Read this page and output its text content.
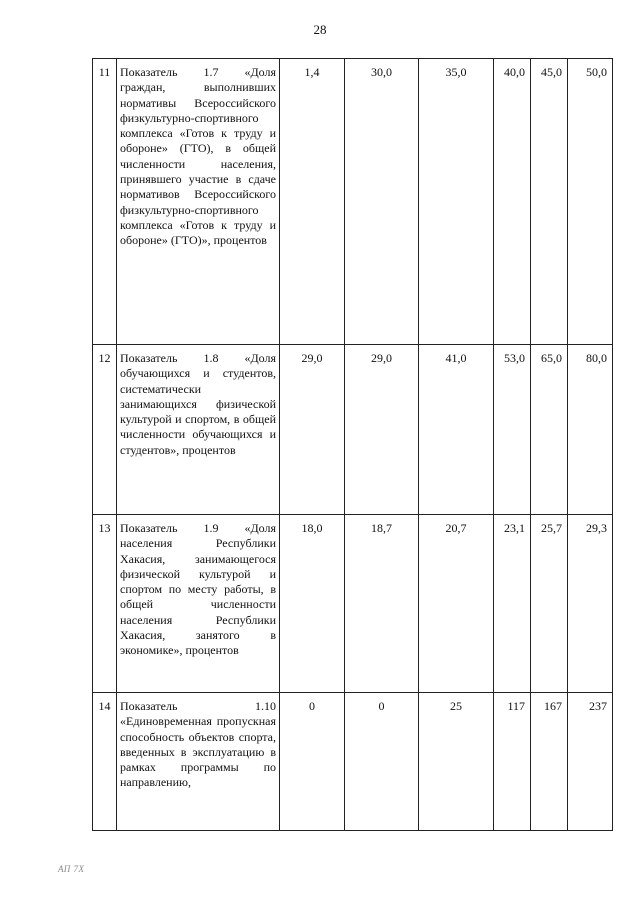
28
11	Показатель 1.7 «Доля граждан, выполнивших нормативы Всероссийского физкультурно-спортивного комплекса «Готов к труду и обороне» (ГТО), в общей численности населения, принявшего участие в сдаче нормативов Всероссийского физкультурно-спортивного комплекса «Готов к труду и обороне» (ГТО)», процентов	1,4	30,0	35,0	40,0	45,0	50,0
12	Показатель 1.8 «Доля обучающихся и студентов, систематически занимающихся физической культурой и спортом, в общей численности обучающихся и студентов», процентов	29,0	29,0	41,0	53,0	65,0	80,0
13	Показатель 1.9 «Доля населения Республики Хакасия, занимающегося физической культурой и спортом по месту работы, в общей численности населения Республики Хакасия, занятого в экономике», процентов	18,0	18,7	20,7	23,1	25,7	29,3
14	Показатель 1.10 «Единовременная пропускная способность объектов спорта, введенных в эксплуатацию в рамках программы по направлению,	0	0	25	117	167	237
АП 7Х
